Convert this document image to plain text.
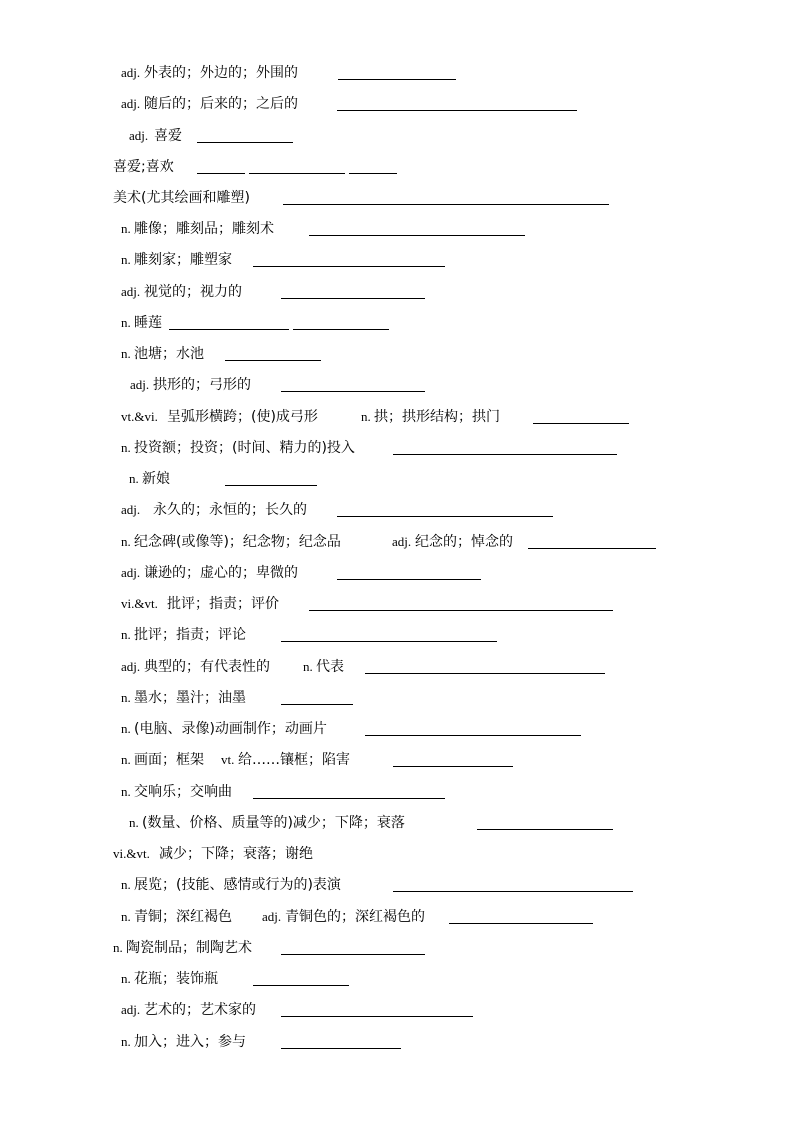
adj. 外表的；外边的；外围的
adj. 随后的；后来的；之后的
adj. 喜爱
喜爱;喜欢
美术(尤其绘画和雕塑)
n. 雕像；雕刻品；雕刻术
n. 雕刻家；雕塑家
adj. 视觉的；视力的
n. 睡莲
n. 池塘；水池
adj. 拱形的；弓形的
vt.&vi. 呈弧形横跨；(使)成弓形	n. 拱；拱形结构；拱门
n. 投资额；投资；(时间、精力的)投入
n. 新娘
adj. 永久的；永恒的；长久的
n. 纪念碑(或像等)；纪念物；纪念品	adj. 纪念的；悼念的
adj. 谦逊的；虚心的；卑微的
vi.&vt. 批评；指责；评价
n. 批评；指责；评论
adj. 典型的；有代表性的	n. 代表
n. 墨水；墨汁；油墨
n. (电脑、录像)动画制作；动画片
n. 画面；框架 vt. 给……镶框；陷害
n. 交响乐；交响曲
n. (数量、价格、质量等的)减少；下降；衰落
vi.&vt. 减少；下降；衰落；谢绝
n. 展览；(技能、感情或行为的)表演
n. 青铜；深红褐色 adj. 青铜色的；深红褐色的
n. 陶瓷制品；制陶艺术
n. 花瓶；装饰瓶
adj. 艺术的；艺术家的
n. 加入；进入；参与
